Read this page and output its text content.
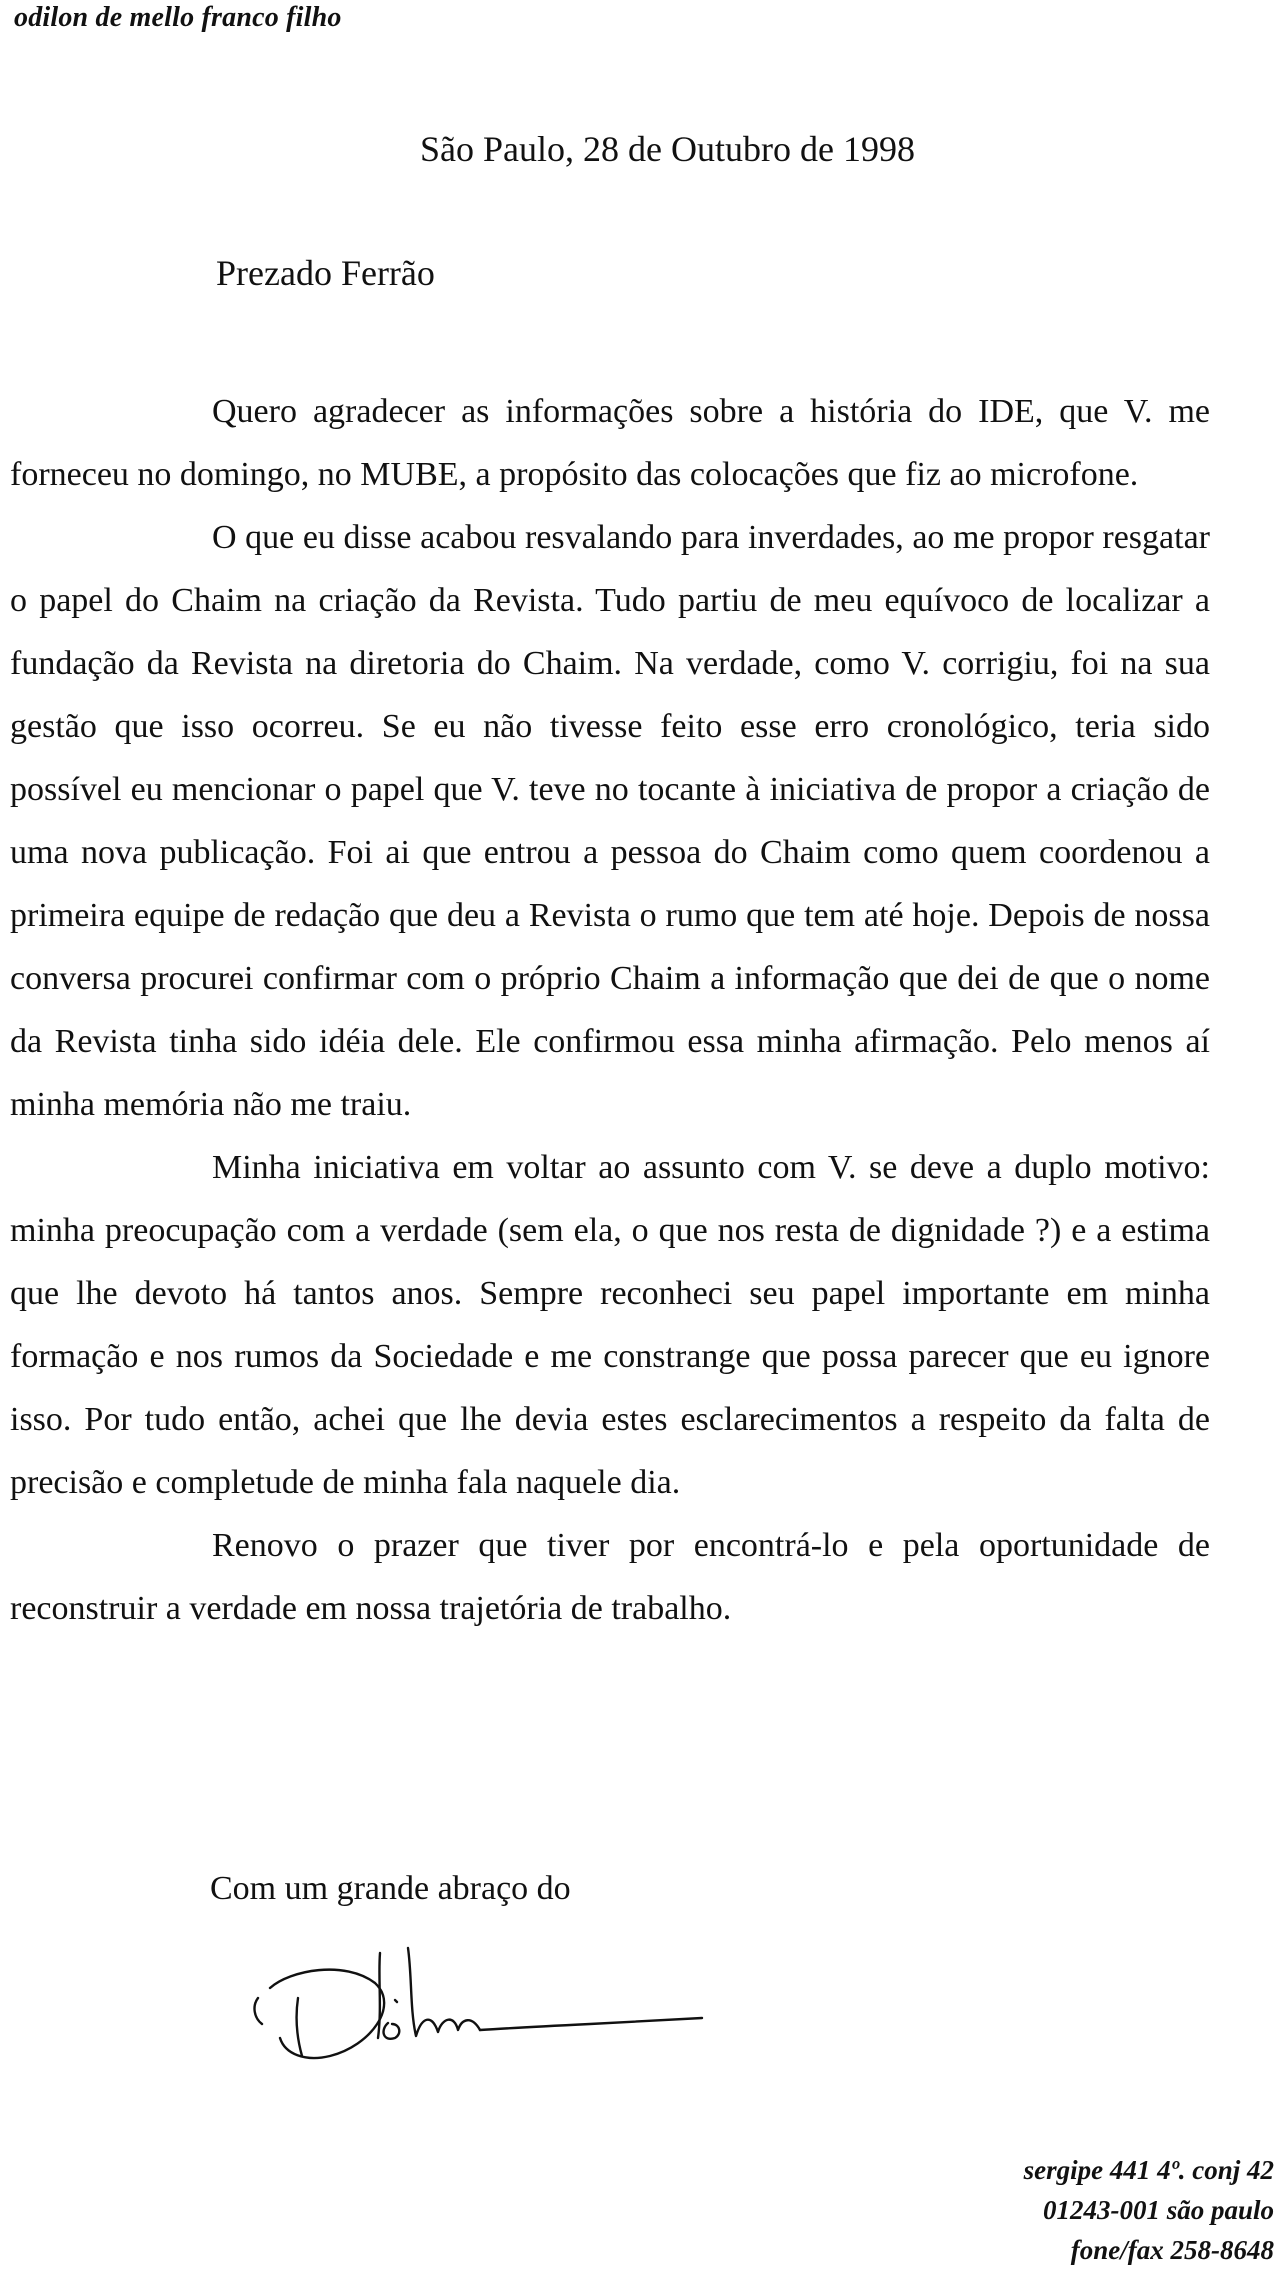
odilon de mello franco filho
São Paulo, 28 de Outubro de 1998
Prezado Ferrão

Quero agradecer as informações sobre a história do IDE, que V. me forneceu no domingo, no MUBE, a propósito das colocações que fiz ao microfone.

O que eu disse acabou resvalando para inverdades, ao me propor resgatar o papel do Chaim na criação da Revista. Tudo partiu de meu equívoco de localizar a fundação da Revista na diretoria do Chaim. Na verdade, como V. corrigiu, foi na sua gestão que isso ocorreu. Se eu não tivesse feito esse erro cronológico, teria sido possível eu mencionar o papel que V. teve no tocante à iniciativa de propor a criação de uma nova publicação. Foi ai que entrou a pessoa do Chaim como quem coordenou a primeira equipe de redação que deu a Revista o rumo que tem até hoje. Depois de nossa conversa procurei confirmar com o próprio Chaim a informação que dei de que o nome da Revista tinha sido idéia dele. Ele confirmou essa minha afirmação. Pelo menos aí minha memória não me traiu.

Minha iniciativa em voltar ao assunto com V. se deve a duplo motivo: minha preocupação com a verdade (sem ela, o que nos resta de dignidade ?) e a estima que lhe devoto há tantos anos. Sempre reconheci seu papel importante em minha formação e nos rumos da Sociedade e me constrange que possa parecer que eu ignore isso. Por tudo então, achei que lhe devia estes esclarecimentos a respeito da falta de precisão e completude de minha fala naquele dia.

Renovo o prazer que tiver por encontrá-lo e pela oportunidade de reconstruir a verdade em nossa trajetória de trabalho.

Com um grande abraço do
sergipe 441 4º. conj 42
01243-001 são paulo
fone/fax 258-8648
